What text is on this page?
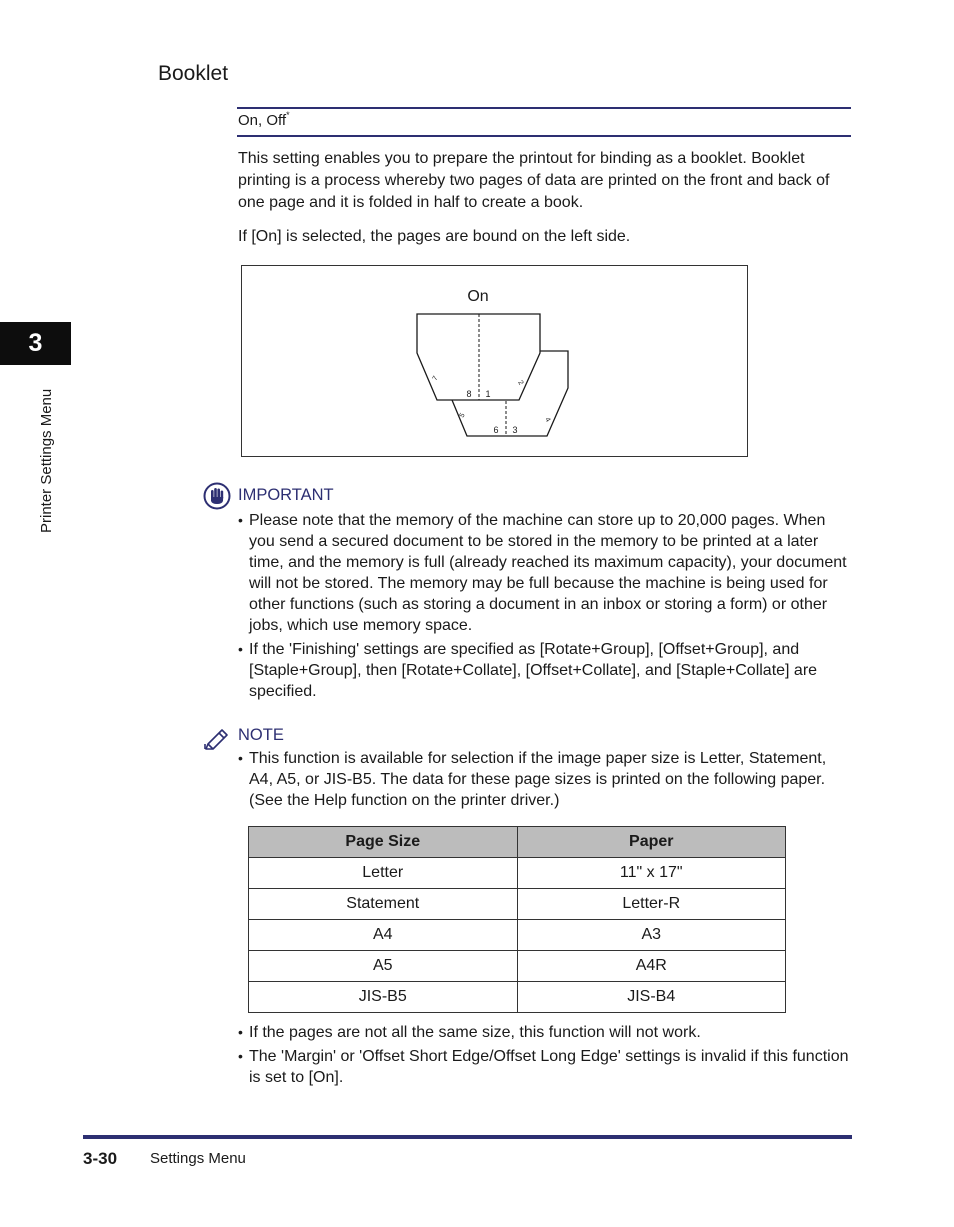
Booklet
On, Off*
This setting enables you to prepare the printout for binding as a booklet. Booklet printing is a process whereby two pages of data are printed on the front and back of one page and it is folded in half to create a book.
If [On] is selected, the pages are bound on the left side.
On
8 1
6 3
7
2
5
4
IMPORTANT
• Please note that the memory of the machine can store up to 20,000 pages. When you send a secured document to be stored in the memory to be printed at a later time, and the memory is full (already reached its maximum capacity), your document will not be stored. The memory may be full because the machine is being used for other functions (such as storing a document in an inbox or storing a form) or other jobs, which use memory space.
• If the 'Finishing' settings are specified as [Rotate+Group], [Offset+Group], and [Staple+Group], then [Rotate+Collate], [Offset+Collate], and [Staple+Collate] are specified.
NOTE
• This function is available for selection if the image paper size is Letter, Statement, A4, A5, or JIS-B5. The data for these page sizes is printed on the following paper. (See the Help function on the printer driver.)
Page Size	Paper
Letter	11" x 17"
Statement	Letter-R
A4	A3
A5	A4R
JIS-B5	JIS-B4
• If the pages are not all the same size, this function will not work.
• The 'Margin' or 'Offset Short Edge/Offset Long Edge' settings is invalid if this function is set to [On].
3
Printer Settings Menu
3-30 Settings Menu
